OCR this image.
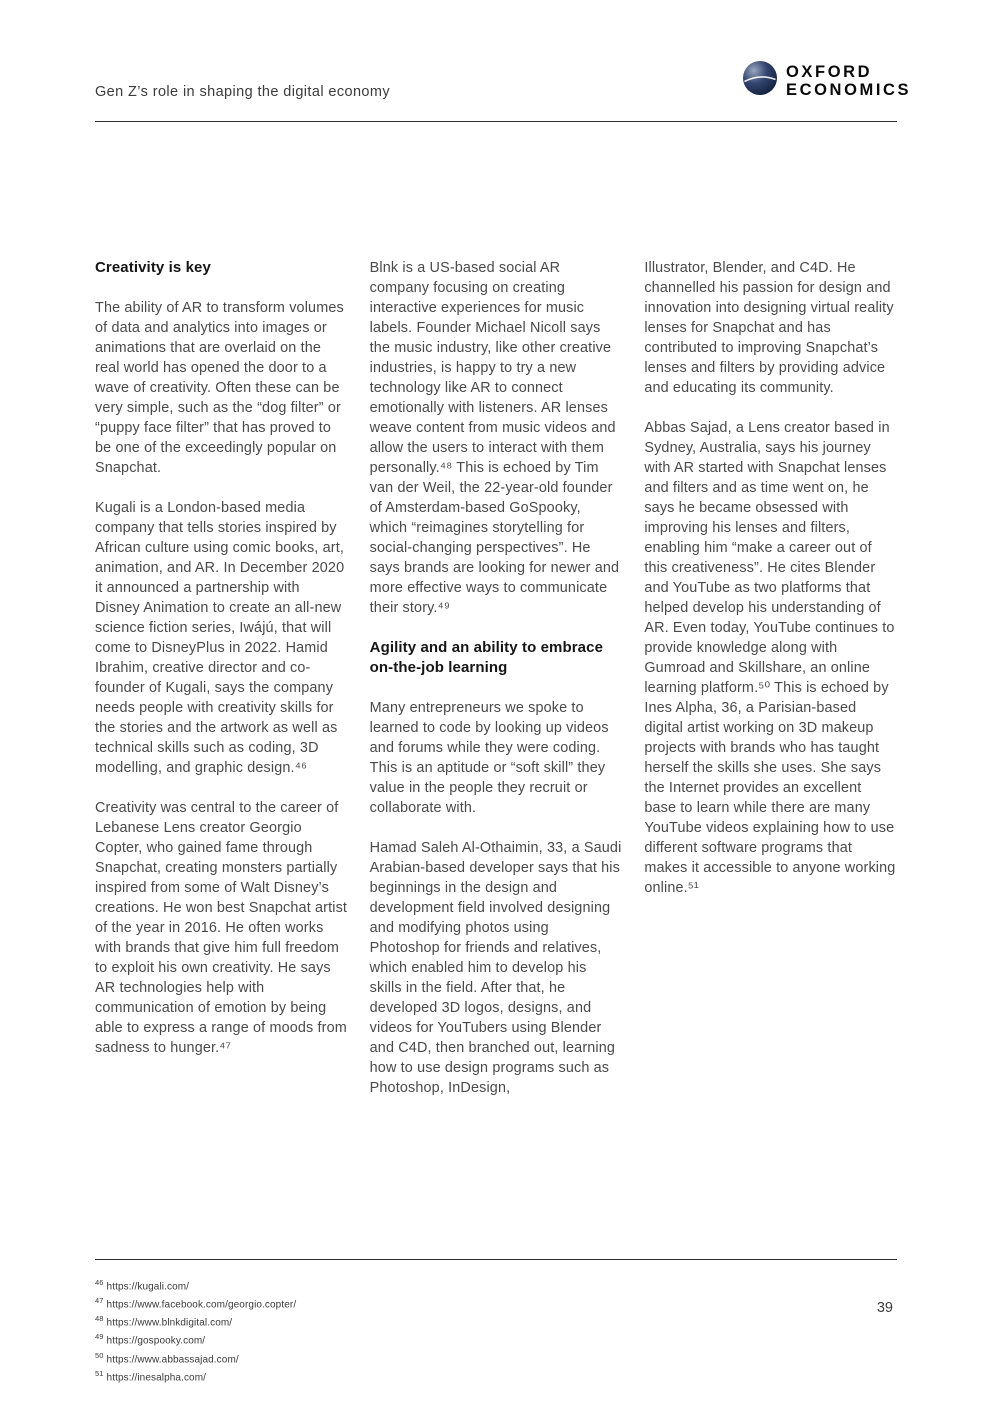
Gen Z’s role in shaping the digital economy
OXFORD
ECONOMICS
Creativity is key

The ability of AR to transform volumes of data and analytics into images or animations that are overlaid on the real world has opened the door to a wave of creativity. Often these can be very simple, such as the “dog filter” or “puppy face filter” that has proved to be one of the exceedingly popular on Snapchat.

Kugali is a London-based media company that tells stories inspired by African culture using comic books, art, animation, and AR. In December 2020 it announced a partnership with Disney Animation to create an all-new science fiction series, Iwájú, that will come to DisneyPlus in 2022. Hamid Ibrahim, creative director and co-founder of Kugali, says the company needs people with creativity skills for the stories and the artwork as well as technical skills such as coding, 3D modelling, and graphic design.⁴⁶

Creativity was central to the career of Lebanese Lens creator Georgio Copter, who gained fame through Snapchat, creating monsters partially inspired from some of Walt Disney’s creations. He won best Snapchat artist of the year in 2016. He often works with brands that give him full freedom to exploit his own creativity. He says AR technologies help with communication of emotion by being able to express a range of moods from sadness to hunger.⁴⁷

Blnk is a US-based social AR company focusing on creating interactive experiences for music labels. Founder Michael Nicoll says the music industry, like other creative industries, is happy to try a new technology like AR to connect emotionally with listeners. AR lenses weave content from music videos and allow the users to interact with them personally.⁴⁸ This is echoed by Tim van der Weil, the 22-year-old founder of Amsterdam-based GoSpooky, which “reimagines storytelling for social-changing perspectives”. He says brands are looking for newer and more effective ways to communicate their story.⁴⁹

Agility and an ability to embrace on-the-job learning

Many entrepreneurs we spoke to learned to code by looking up videos and forums while they were coding. This is an aptitude or “soft skill” they value in the people they recruit or collaborate with.

Hamad Saleh Al-Othaimin, 33, a Saudi Arabian-based developer says that his beginnings in the design and development field involved designing and modifying photos using Photoshop for friends and relatives, which enabled him to develop his skills in the field. After that, he developed 3D logos, designs, and videos for YouTubers using Blender and C4D, then branched out, learning how to use design programs such as Photoshop, InDesign,

Illustrator, Blender, and C4D. He channelled his passion for design and innovation into designing virtual reality lenses for Snapchat and has contributed to improving Snapchat’s lenses and filters by providing advice and educating its community.

Abbas Sajad, a Lens creator based in Sydney, Australia, says his journey with AR started with Snapchat lenses and filters and as time went on, he says he became obsessed with improving his lenses and filters, enabling him “make a career out of this creativeness”. He cites Blender and YouTube as two platforms that helped develop his understanding of AR. Even today, YouTube continues to provide knowledge along with Gumroad and Skillshare, an online learning platform.⁵⁰ This is echoed by Ines Alpha, 36, a Parisian-based digital artist working on 3D makeup projects with brands who has taught herself the skills she uses. She says the Internet provides an excellent base to learn while there are many YouTube videos explaining how to use different software programs that makes it accessible to anyone working online.⁵¹

$^{46}$ https://kugali.com/
$^{47}$ https://www.facebook.com/georgio.copter/
$^{48}$ https://www.blnkdigital.com/
$^{49}$ https://gospooky.com/
$^{50}$ https://www.abbassajad.com/
$^{51}$ https://inesalpha.com/
39
